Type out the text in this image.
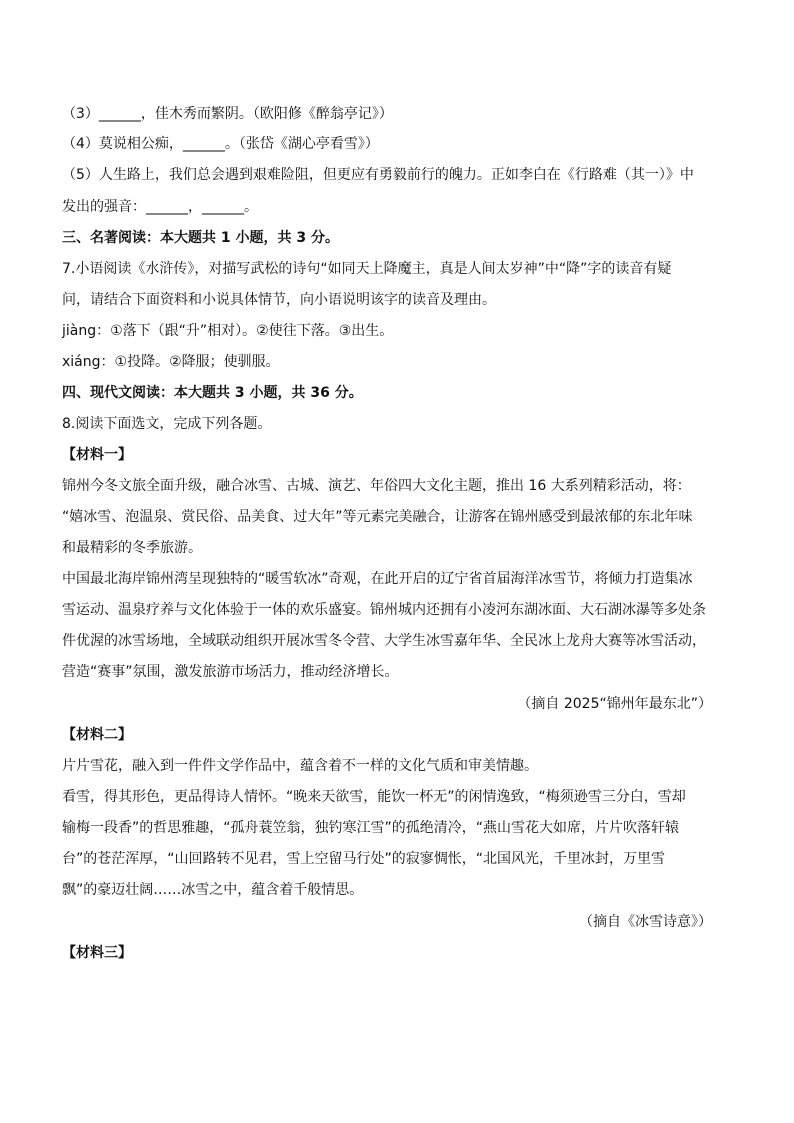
（3）______，佳木秀而繁阴。（欧阳修《醉翁亭记》）
（4）莫说相公痴，______。（张岱《湖心亭看雪》）
（5）人生路上，我们总会遇到艰难险阻，但更应有勇毅前行的魄力。正如李白在《行路难（其一）》中
发出的强音：______，______。
三、名著阅读：本大题共 1 小题，共 3 分。
7.小语阅读《水浒传》，对描写武松的诗句“如同天上降魔主，真是人间太岁神”中“降”字的读音有疑
问，请结合下面资料和小说具体情节，向小语说明该字的读音及理由。
jiàng：①落下（跟“升”相对）。②使往下落。③出生。
xiáng：①投降。②降服；使驯服。
四、现代文阅读：本大题共 3 小题，共 36 分。
8.阅读下面选文，完成下列各题。
【材料一】
锦州今冬文旅全面升级，融合冰雪、古城、演艺、年俗四大文化主题，推出 16 大系列精彩活动，将：
“嬉冰雪、泡温泉、赏民俗、品美食、过大年”等元素完美融合，让游客在锦州感受到最浓郁的东北年味
和最精彩的冬季旅游。
中国最北海岸锦州湾呈现独特的“暖雪软冰”奇观，在此开启的辽宁省首届海洋冰雪节，将倾力打造集冰
雪运动、温泉疗养与文化体验于一体的欢乐盛宴。锦州城内还拥有小凌河东湖冰面、大石湖冰瀑等多处条
件优渥的冰雪场地，全域联动组织开展冰雪冬令营、大学生冰雪嘉年华、全民冰上龙舟大赛等冰雪活动，
营造“赛事”氛围，激发旅游市场活力，推动经济增长。
（摘自 2025“锦州年最东北”）
【材料二】
片片雪花，融入到一件件文学作品中，蕴含着不一样的文化气质和审美情趣。
看雪，得其形色，更品得诗人情怀。“晚来天欲雪，能饮一杯无”的闲情逸致，“梅须逊雪三分白，雪却
输梅一段香”的哲思雅趣，“孤舟蓑笠翁，独钓寒江雪”的孤绝清冷，“燕山雪花大如席，片片吹落轩辕
台”的苍茫浑厚，“山回路转不见君，雪上空留马行处”的寂寥惆怅，“北国风光，千里冰封，万里雪
飘”的豪迈壮阔……冰雪之中，蕴含着千般情思。
（摘自《冰雪诗意》）
【材料三】
